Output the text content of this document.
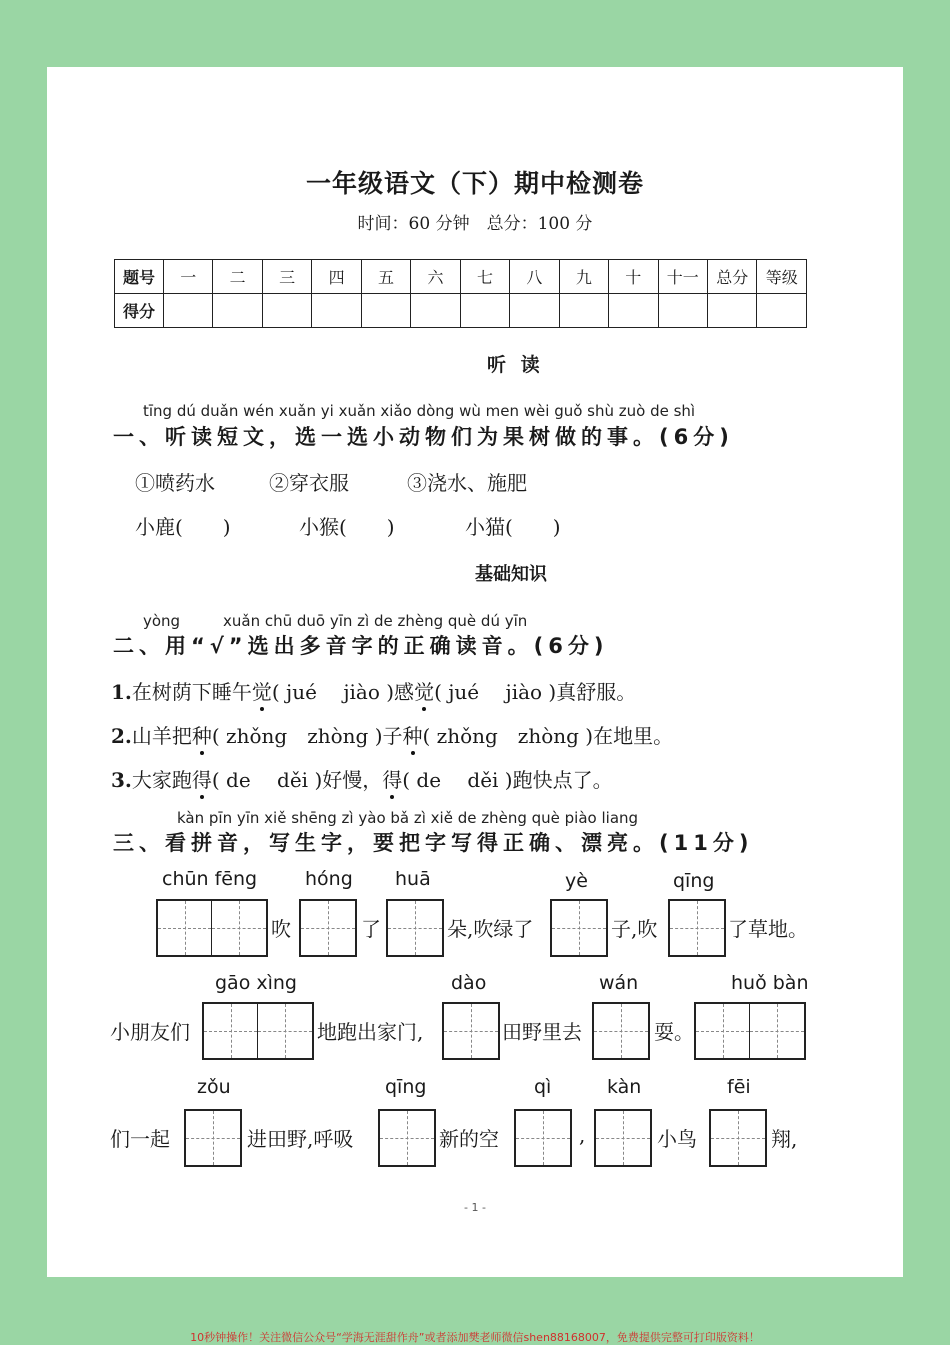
一年级语文（下）期中检测卷
时间：60 分钟　总分：100 分
题号	一	二	三	四	五	六	七	八	九	十	十一	总分	等级
得分													
听 读
tīng dú duǎn wén xuǎn yi xuǎn xiǎo dòng wù men wèi guǒ shù zuò de shì
一、听读短文，选一选小动物们为果树做的事。(6分)
①喷药水	②穿衣服	③浇水、施肥
小鹿(　　)	小猴(　　)	小猫(　　)
基础知识
yòng	xuǎn chū duō yīn zì de zhèng què dú yīn
二、用“√”选出多音字的正确读音。(6分)
1.在树荫下睡午觉( jué　 jiào )感觉( jué　 jiào )真舒服。
2.山羊把种( zhǒng　zhòng )子种( zhǒng　zhòng )在地里。
3.大家跑得( de　 děi )好慢，得( de　 děi )跑快点了。
kàn pīn yīn xiě shēng zì yào bǎ zì xiě de zhèng què piào liang
三、看拼音，写生字，要把字写得正确、漂亮。(11分)
chūn fēng	hóng huā	yè	qīng
吹	了	朵,吹绿了	子,吹	了草地。
gāo xìng	dào	wán	huǒ bàn
小朋友们	地跑出家门,	田野里去	耍。
zǒu	qīng	qì	kàn	fēi
们一起	进田野,呼吸	新的空	,	小鸟	翔,
- 1 -
10秒钟操作！关注微信公众号“学海无涯甜作舟”或者添加樊老师微信shen88168007，免费提供完整可打印版资料！
